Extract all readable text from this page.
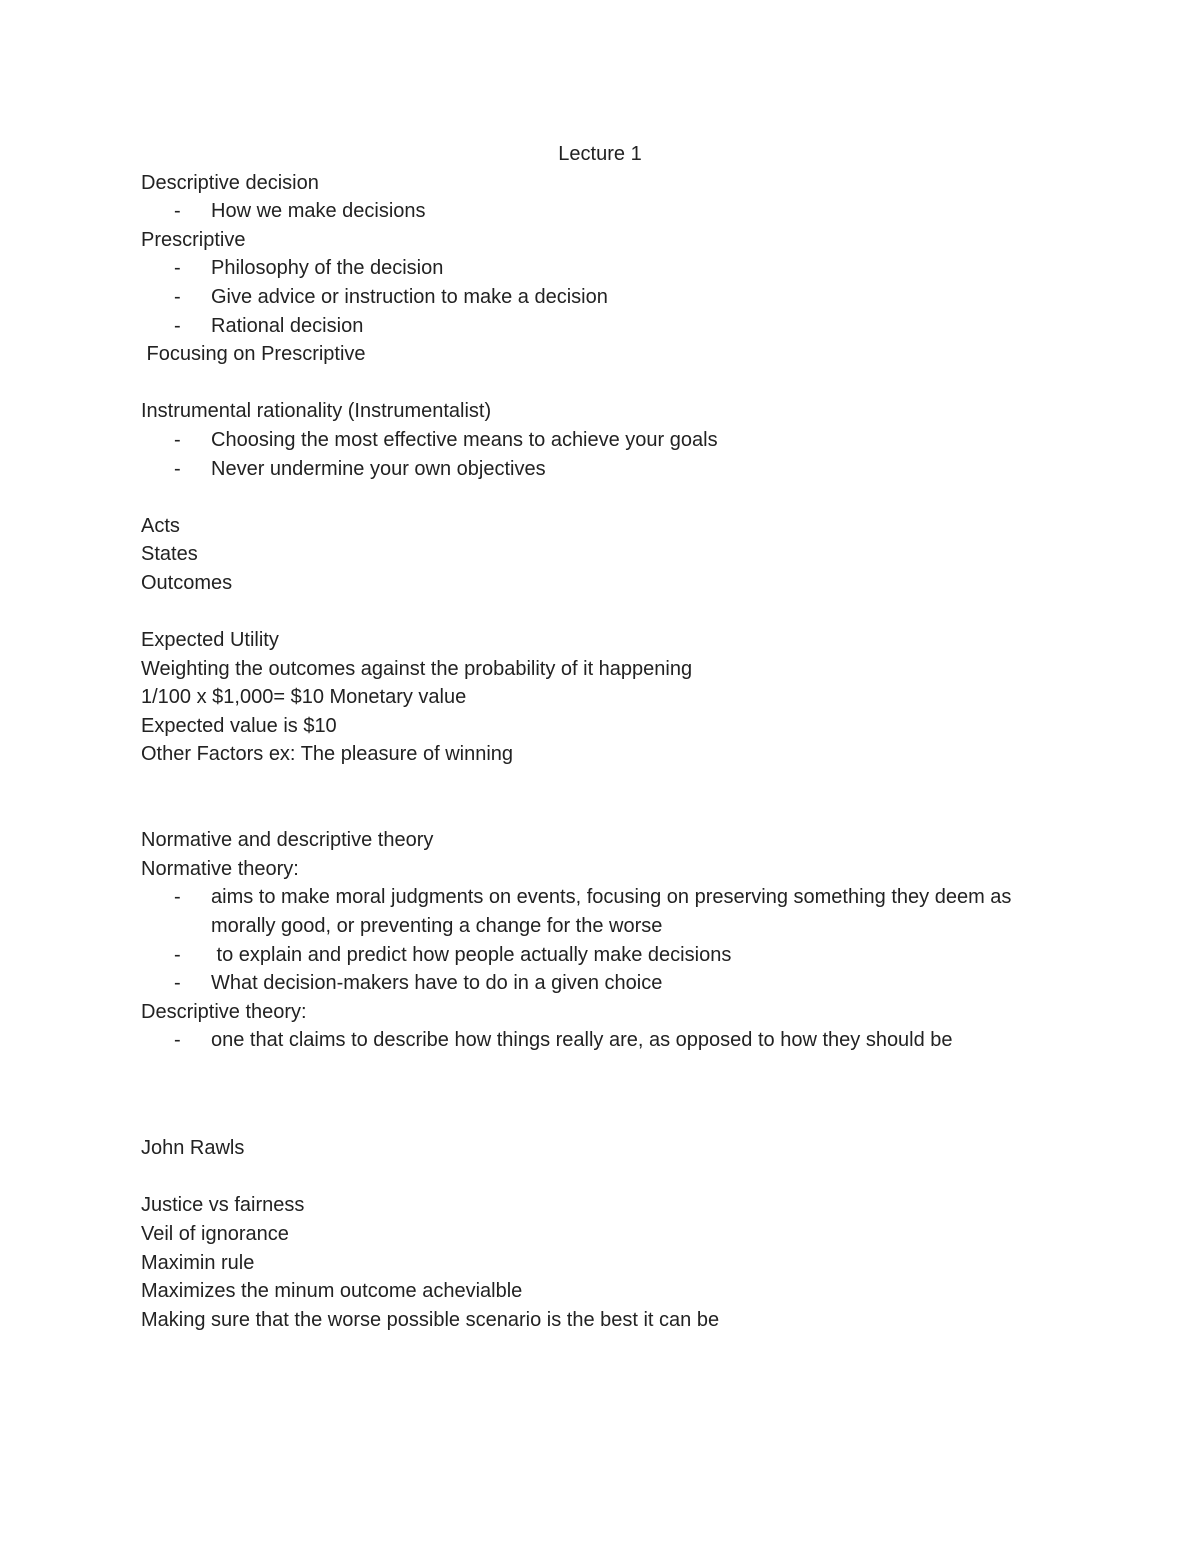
Lecture 1
Descriptive decision
- How we make decisions
Prescriptive
- Philosophy of the decision
- Give advice or instruction to make a decision
- Rational decision
Focusing on Prescriptive
Instrumental rationality (Instrumentalist)
- Choosing the most effective means to achieve your goals
- Never undermine your own objectives
Acts
States
Outcomes
Expected Utility
Weighting the outcomes against the probability of it happening
1/100 x $1,000= $10 Monetary value
Expected value is $10
Other Factors ex: The pleasure of winning
Normative and descriptive theory
Normative theory:
- aims to make moral judgments on events, focusing on preserving something they deem as morally good, or preventing a change for the worse
- to explain and predict how people actually make decisions
- What decision-makers have to do in a given choice
Descriptive theory:
- one that claims to describe how things really are, as opposed to how they should be
John Rawls
Justice vs fairness
Veil of ignorance
Maximin rule
Maximizes the minum outcome achevialble
Making sure that the worse possible scenario is the best it can be
